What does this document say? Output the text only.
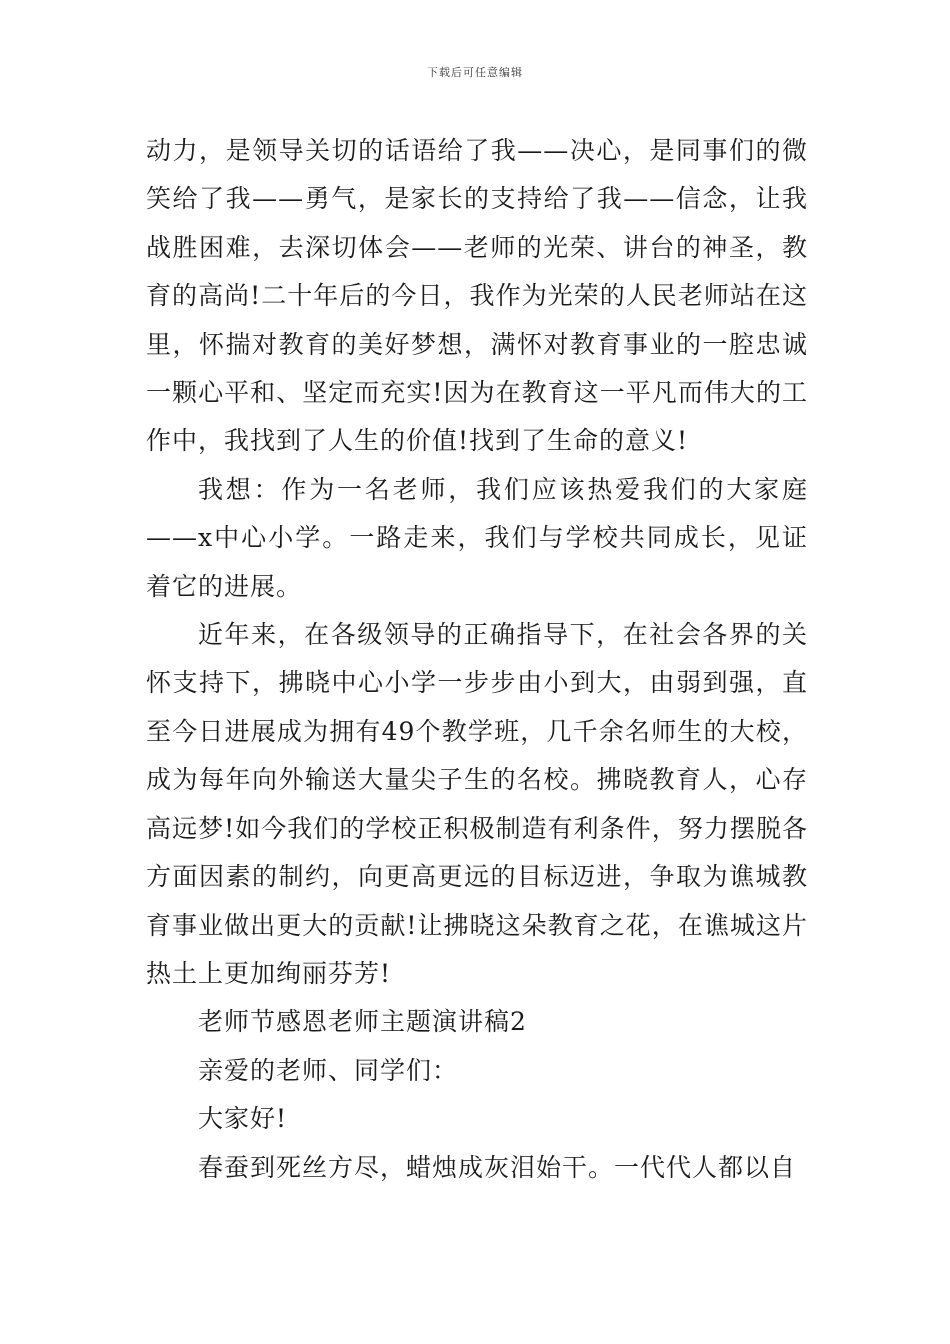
下载后可任意编辑

动力，是领导关切的话语给了我——决心，是同事们的微笑给了我——勇气，是家长的支持给了我——信念，让我战胜困难，去深切体会——老师的光荣、讲台的神圣，教育的高尚!二十年后的今日，我作为光荣的人民老师站在这里，怀揣对教育的美好梦想，满怀对教育事业的一腔忠诚一颗心平和、坚定而充实!因为在教育这一平凡而伟大的工作中，我找到了人生的价值!找到了生命的意义!

我想：作为一名老师，我们应该热爱我们的大家庭——x中心小学。一路走来，我们与学校共同成长，见证着它的进展。

近年来，在各级领导的正确指导下，在社会各界的关怀支持下，拂晓中心小学一步步由小到大，由弱到强，直至今日进展成为拥有49个教学班，几千余名师生的大校，成为每年向外输送大量尖子生的名校。拂晓教育人，心存高远梦!如今我们的学校正积极制造有利条件，努力摆脱各方面因素的制约，向更高更远的目标迈进，争取为谯城教育事业做出更大的贡献!让拂晓这朵教育之花，在谯城这片热土上更加绚丽芬芳!

老师节感恩老师主题演讲稿2

亲爱的老师、同学们：

大家好!

春蚕到死丝方尽，蜡烛成灰泪始干。一代代人都以自
